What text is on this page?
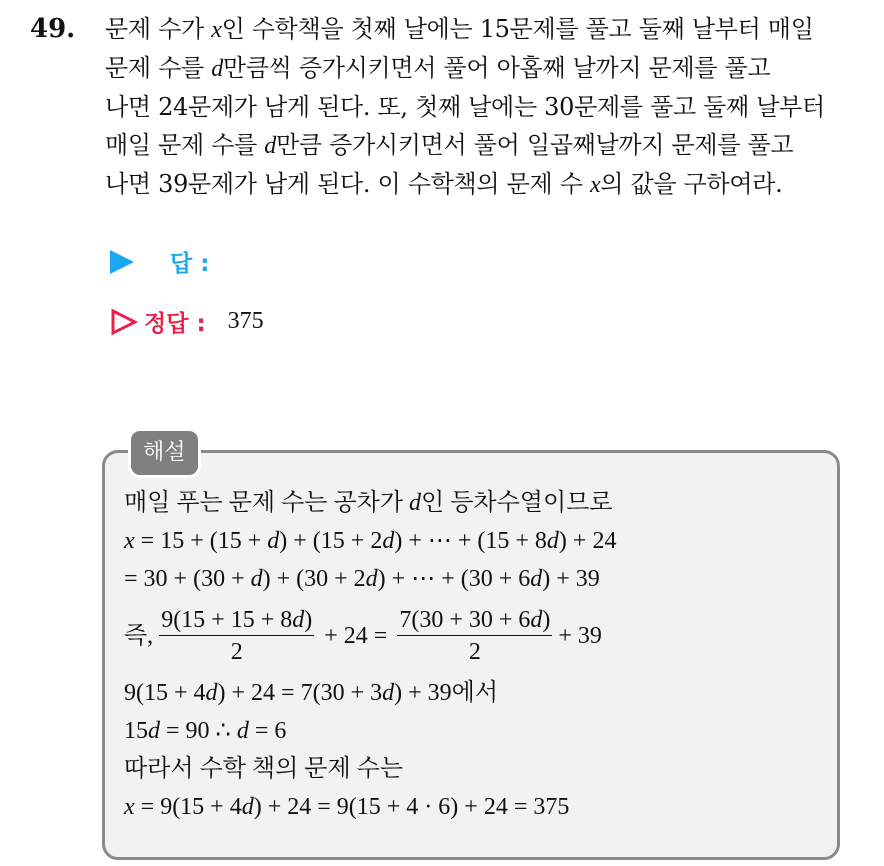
49. 문제 수가 x인 수학책을 첫째 날에는 15문제를 풀고 둘째 날부터 매일
문제 수를 d만큼씩 증가시키면서 풀어 아홉째 날까지 문제를 풀고
나면 24문제가 남게 된다. 또, 첫째 날에는 30문제를 풀고 둘째 날부터
매일 문제 수를 d만큼 증가시키면서 풀어 일곱째날까지 문제를 풀고
나면 39문제가 남게 된다. 이 수학책의 문제 수 x의 값을 구하여라.
답 :
정답 : 375
해설
매일 푸는 문제 수는 공차가 d인 등차수열이므로
x = 15 + (15 + d) + (15 + 2d) + ⋯ + (15 + 8d) + 24
= 30 + (30 + d) + (30 + 2d) + ⋯ + (30 + 6d) + 39
즉, $\frac{9(15 + 15 + 8d)}{2} + 24 = \frac{7(30 + 30 + 6d)}{2} + 39$
9(15 + 4d) + 24 = 7(30 + 3d) + 39에서
15d = 90 ∴ d = 6
따라서 수학 책의 문제 수는
x = 9(15 + 4d) + 24 = 9(15 + 4 · 6) + 24 = 375
